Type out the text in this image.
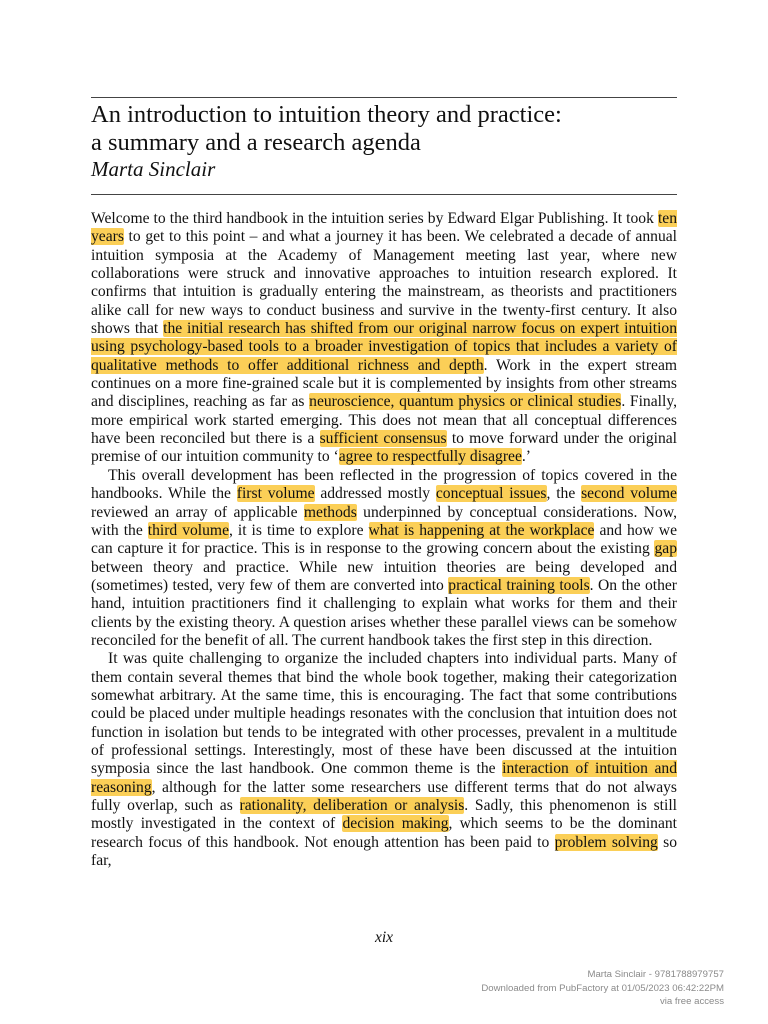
An introduction to intuition theory and practice:
a summary and a research agenda
Marta Sinclair

Welcome to the third handbook in the intuition series by Edward Elgar Publishing. It took ten years to get to this point – and what a journey it has been. We celebrated a decade of annual intuition symposia at the Academy of Management meeting last year, where new collaborations were struck and innovative approaches to intuition research explored. It confirms that intuition is gradually entering the mainstream, as theorists and practitioners alike call for new ways to conduct business and survive in the twenty-first century. It also shows that the initial research has shifted from our original narrow focus on expert intuition using psychology-based tools to a broader investigation of topics that includes a variety of qualitative methods to offer additional richness and depth. Work in the expert stream continues on a more fine-grained scale but it is complemented by insights from other streams and disciplines, reaching as far as neuroscience, quantum physics or clinical studies. Finally, more empirical work started emerging. This does not mean that all conceptual differences have been reconciled but there is a sufficient consensus to move forward under the original premise of our intuition community to ‘agree to respectfully disagree.’

This overall development has been reflected in the progression of topics covered in the handbooks. While the first volume addressed mostly conceptual issues, the second volume reviewed an array of applicable methods underpinned by conceptual considerations. Now, with the third volume, it is time to explore what is happening at the workplace and how we can capture it for practice. This is in response to the growing concern about the existing gap between theory and practice. While new intuition theories are being developed and (sometimes) tested, very few of them are converted into practical training tools. On the other hand, intuition practitioners find it challenging to explain what works for them and their clients by the existing theory. A question arises whether these parallel views can be somehow reconciled for the benefit of all. The current handbook takes the first step in this direction.

It was quite challenging to organize the included chapters into individual parts. Many of them contain several themes that bind the whole book together, making their categorization somewhat arbitrary. At the same time, this is encouraging. The fact that some contributions could be placed under multiple headings resonates with the conclusion that intuition does not function in isolation but tends to be integrated with other processes, prevalent in a multitude of professional settings. Interestingly, most of these have been discussed at the intuition symposia since the last handbook. One common theme is the interaction of intuition and reasoning, although for the latter some researchers use different terms that do not always fully overlap, such as rationality, deliberation or analysis. Sadly, this phenomenon is still mostly investigated in the context of decision making, which seems to be the dominant research focus of this handbook. Not enough attention has been paid to problem solving so far,

xix
Marta Sinclair - 9781788979757
Downloaded from PubFactory at 01/05/2023 06:42:22PM
via free access
